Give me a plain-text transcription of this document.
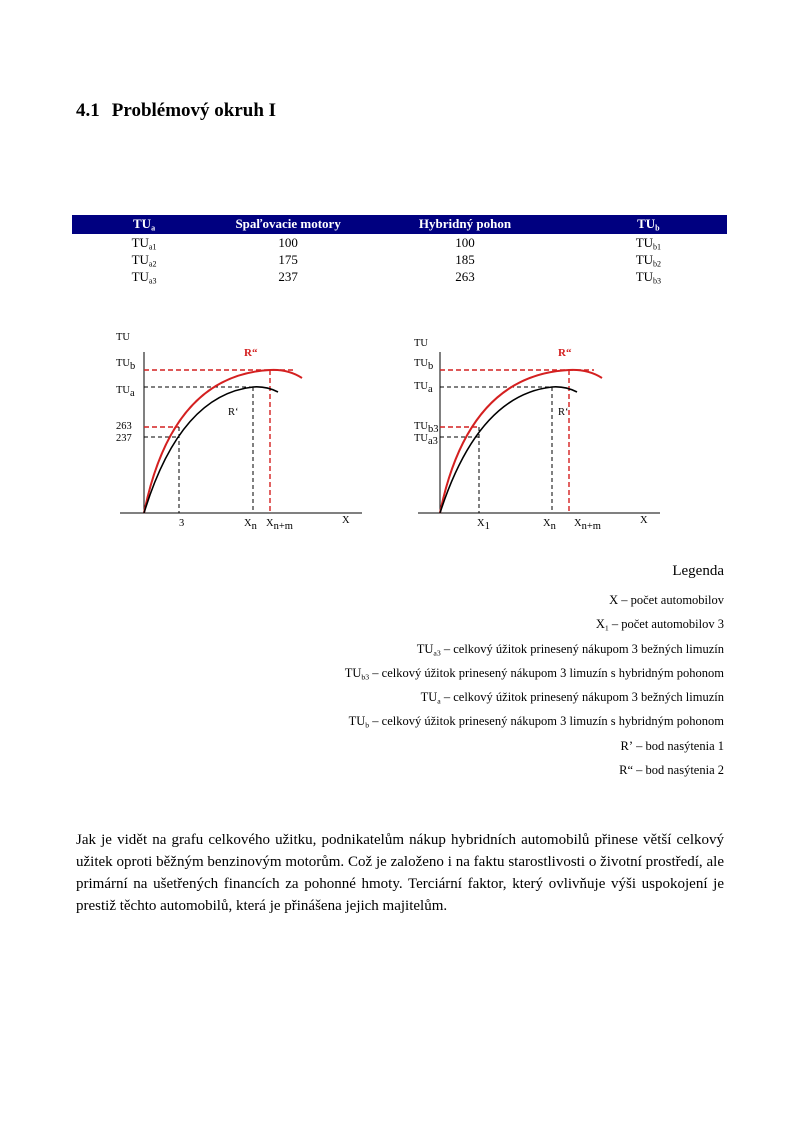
4.1 Problémový okruh I
$TU_a$	Spaľovacie motory	Hybridný pohon	$TU_b$
$TU_{a1}$	100	100	$TU_{b1}$
$TU_{a2}$	175	185	$TU_{b2}$
$TU_{a3}$	237	263	$TU_{b3}$
TU
TUb
TUa
263
237
R‘
R“
3	Xn Xn+m
X
TU
TUb
TUa
TUb3
TUa3
R‘
R“
X1	Xn Xn+m
X
Legenda
X – počet automobilov
$X_1$ – počet automobilov 3
$TU_{a3}$ – celkový úžitok prinesený nákupom 3 bežných limuzín
$TU_{b3}$ – celkový úžitok prinesený nákupom 3 limuzín s hybridným pohonom
$TU_a$ – celkový úžitok prinesený nákupom 3 bežných limuzín
$TU_b$ – celkový úžitok prinesený nákupom 3 limuzín s hybridným pohonom
R’ – bod nasýtenia 1
R“ – bod nasýtenia 2

Jak je vidět na grafu celkového užitku, podnikatelům nákup hybridních automobilů přinese větší celkový užitek oproti běžným benzinovým motorům. Což je založeno i na faktu starostlivosti o životní prostředí, ale primární na ušetřených financích za pohonné hmoty. Terciární faktor, který ovlivňuje výši uspokojení je prestiž těchto automobilů, která je přinášena jejich majitelům.
